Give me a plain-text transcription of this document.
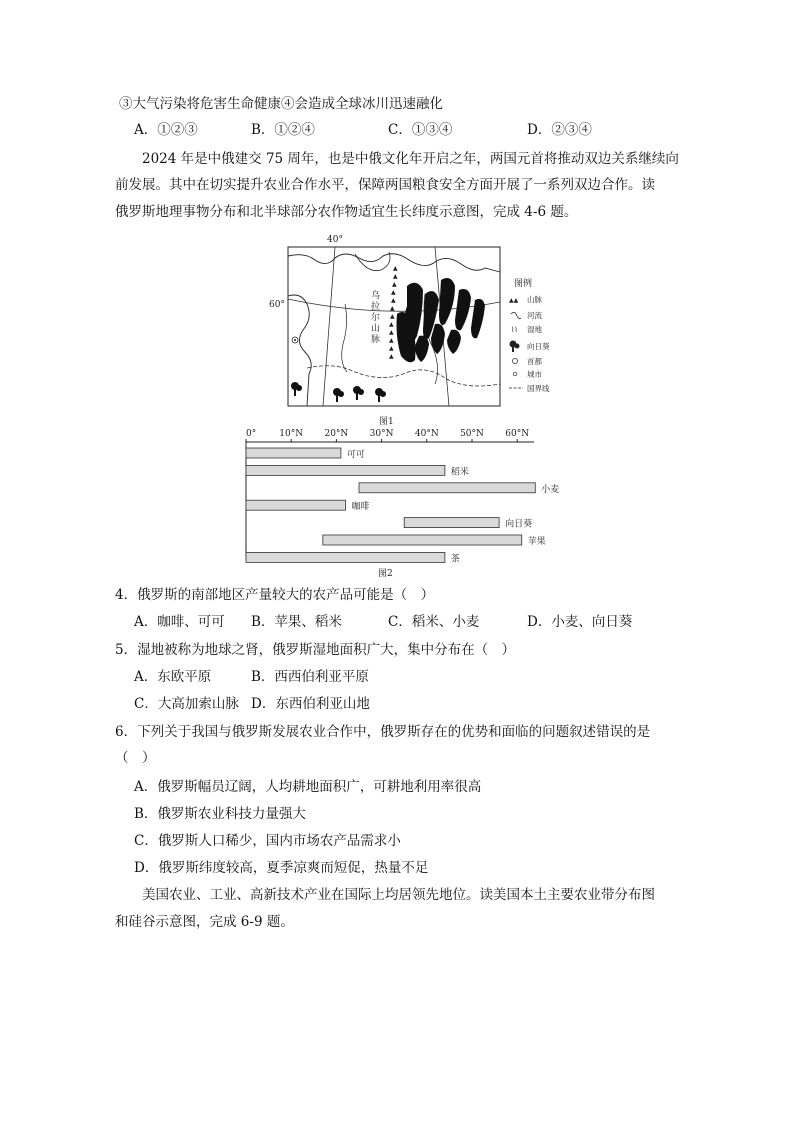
③大气污染将危害生命健康④会造成全球冰川迅速融化
A．①②③	B．①②④	C．①③④	D．②③④
2024 年是中俄建交 75 周年，也是中俄文化年开启之年，两国元首将推动双边关系继续向
前发展。其中在切实提升农业合作水平，保障两国粮食安全方面开展了一系列双边合作。读
俄罗斯地理事物分布和北半球部分农作物适宜生长纬度示意图，完成 4-6 题。
40°
▲
▲
▲
▲
▲
▲
▲
▲
▲
▲
▲
▲
乌
拉
尔
山
脉
60°
图例
▲▲ 山脉
河流
⌇⌇ 湿地
向日葵
首都
城市
国界线
图1
0°	10°N 20°N 30°N 40°N 50°N 60°N
可可
稻米
小麦
咖啡
向日葵
苹果
茶
图2
4．俄罗斯的南部地区产量较大的农产品可能是（　）
A．咖啡、可可 B．苹果、稻米	C．稻米、小麦	D．小麦、向日葵
5．湿地被称为地球之肾，俄罗斯湿地面积广大，集中分布在（　）
A．东欧平原	B．西西伯利亚平原
C．大高加索山脉 D．东西伯利亚山地
6．下列关于我国与俄罗斯发展农业合作中，俄罗斯存在的优势和面临的问题叙述错误的是
（　）
A．俄罗斯幅员辽阔，人均耕地面积广，可耕地利用率很高
B．俄罗斯农业科技力量强大
C．俄罗斯人口稀少，国内市场农产品需求小
D．俄罗斯纬度较高，夏季凉爽而短促，热量不足
美国农业、工业、高新技术产业在国际上均居领先地位。读美国本土主要农业带分布图
和硅谷示意图，完成 6-9 题。
